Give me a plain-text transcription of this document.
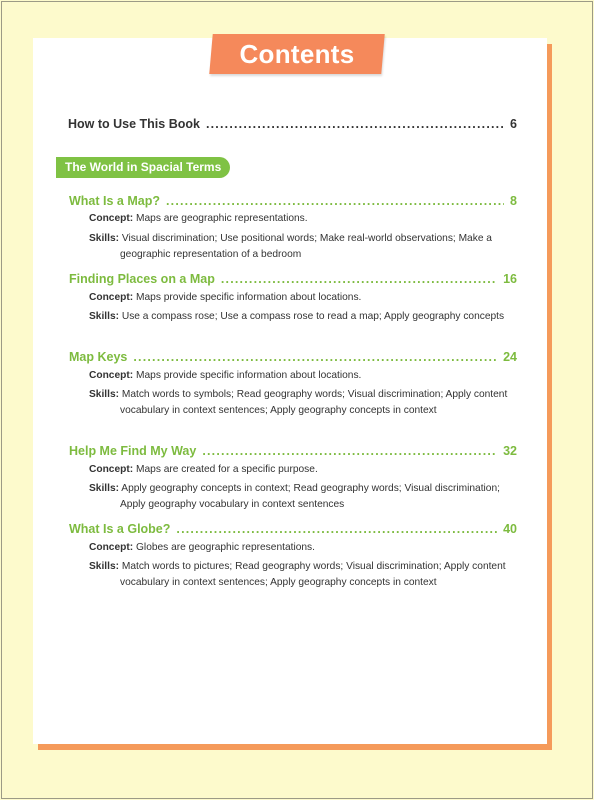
Contents
How to Use This Book .....	6
The World in Spacial Terms
What Is a Map? .....	8
Concept: Maps are geographic representations.
Skills: Visual discrimination; Use positional words; Make real-world observations; Make a geographic representation of a bedroom
Finding Places on a Map .....	16
Concept: Maps provide specific information about locations.
Skills: Use a compass rose; Use a compass rose to read a map; Apply geography concepts
Map Keys .....	24
Concept: Maps provide specific information about locations.
Skills: Match words to symbols; Read geography words; Visual discrimination; Apply content vocabulary in context sentences; Apply geography concepts in context
Help Me Find My Way .....	32
Concept: Maps are created for a specific purpose.
Skills: Apply geography concepts in context; Read geography words; Visual discrimination; Apply geography vocabulary in context sentences
What Is a Globe? .....	40
Concept: Globes are geographic representations.
Skills: Match words to pictures; Read geography words; Visual discrimination; Apply content vocabulary in context sentences; Apply geography concepts in context
